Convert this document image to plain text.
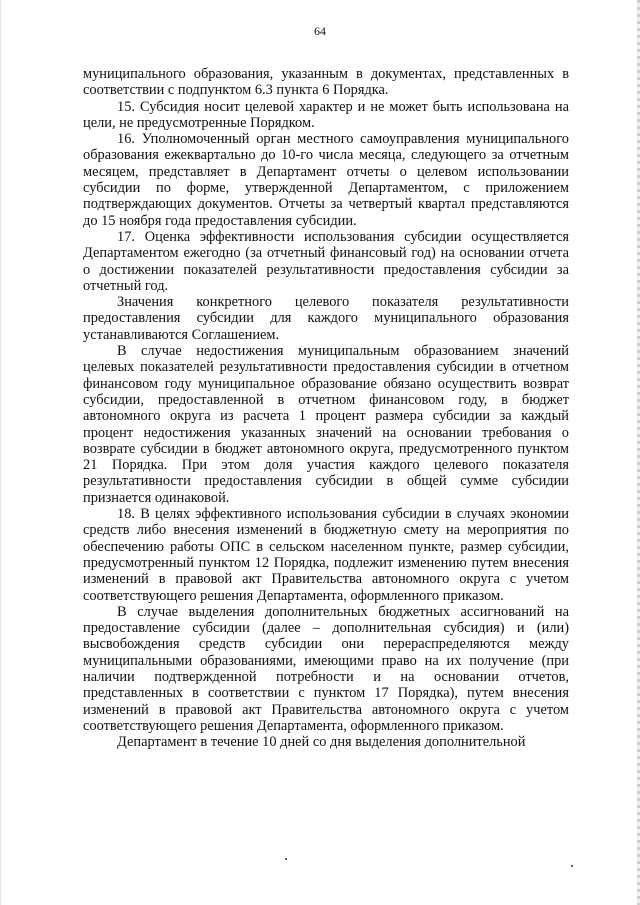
64

муниципального образования, указанным в документах, представленных в соответствии с подпунктом 6.3 пункта 6 Порядка.

15. Субсидия носит целевой характер и не может быть использована на цели, не предусмотренные Порядком.

16. Уполномоченный орган местного самоуправления муниципального образования ежеквартально до 10-го числа месяца, следующего за отчетным месяцем, представляет в Департамент отчеты о целевом использовании субсидии по форме, утвержденной Департаментом, с приложением подтверждающих документов. Отчеты за четвертый квартал представляются до 15 ноября года предоставления субсидии.

17. Оценка эффективности использования субсидии осуществляется Департаментом ежегодно (за отчетный финансовый год) на основании отчета о достижении показателей результативности предоставления субсидии за отчетный год.

Значения конкретного целевого показателя результативности предоставления субсидии для каждого муниципального образования устанавливаются Соглашением.

В случае недостижения муниципальным образованием значений целевых показателей результативности предоставления субсидии в отчетном финансовом году муниципальное образование обязано осуществить возврат субсидии, предоставленной в отчетном финансовом году, в бюджет автономного округа из расчета 1 процент размера субсидии за каждый процент недостижения указанных значений на основании требования о возврате субсидии в бюджет автономного округа, предусмотренного пунктом 21 Порядка. При этом доля участия каждого целевого показателя результативности предоставления субсидии в общей сумме субсидии признается одинаковой.

18. В целях эффективного использования субсидии в случаях экономии средств либо внесения изменений в бюджетную смету на мероприятия по обеспечению работы ОПС в сельском населенном пункте, размер субсидии, предусмотренный пунктом 12 Порядка, подлежит изменению путем внесения изменений в правовой акт Правительства автономного округа с учетом соответствующего решения Департамента, оформленного приказом.

В случае выделения дополнительных бюджетных ассигнований на предоставление субсидии (далее – дополнительная субсидия) и (или) высвобождения средств субсидии они перераспределяются между муниципальными образованиями, имеющими право на их получение (при наличии подтвержденной потребности и на основании отчетов, представленных в соответствии с пунктом 17 Порядка), путем внесения изменений в правовой акт Правительства автономного округа с учетом соответствующего решения Департамента, оформленного приказом.

Департамент в течение 10 дней со дня выделения дополнительной
